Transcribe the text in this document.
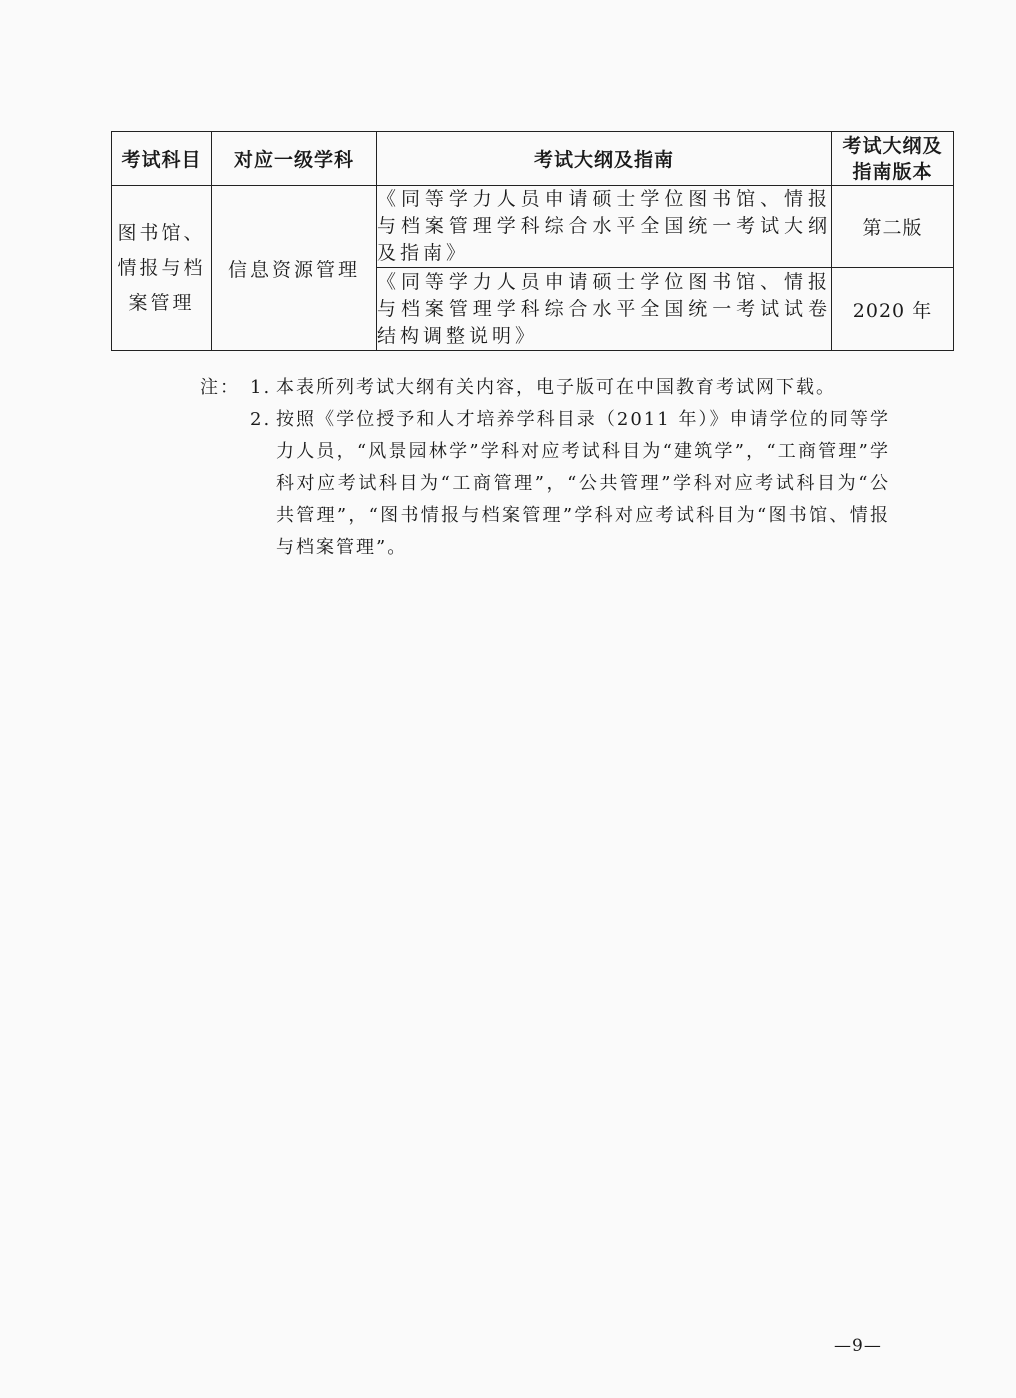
考试科目	对应一级学科	考试大纲及指南	考试大纲及
指南版本

图书馆、
情报与档
案管理	信息资源管理	《同等学力人员申请硕士学位图书馆、情报与档案管理学科综合水平全国统一考试大纲及指南》	第二版
		《同等学力人员申请硕士学位图书馆、情报与档案管理学科综合水平全国统一考试试卷结构调整说明》	2020 年
注： 1. 本表所列考试大纲有关内容，电子版可在中国教育考试网下载。
2. 按照《学位授予和人才培养学科目录（2011 年）》申请学位的同等学力人员，“风景园林学”学科对应考试科目为“建筑学”，“工商管理”学科对应考试科目为“工商管理”，“公共管理”学科对应考试科目为“公共管理”，“图书情报与档案管理”学科对应考试科目为“图书馆、情报与档案管理”。
—9—
